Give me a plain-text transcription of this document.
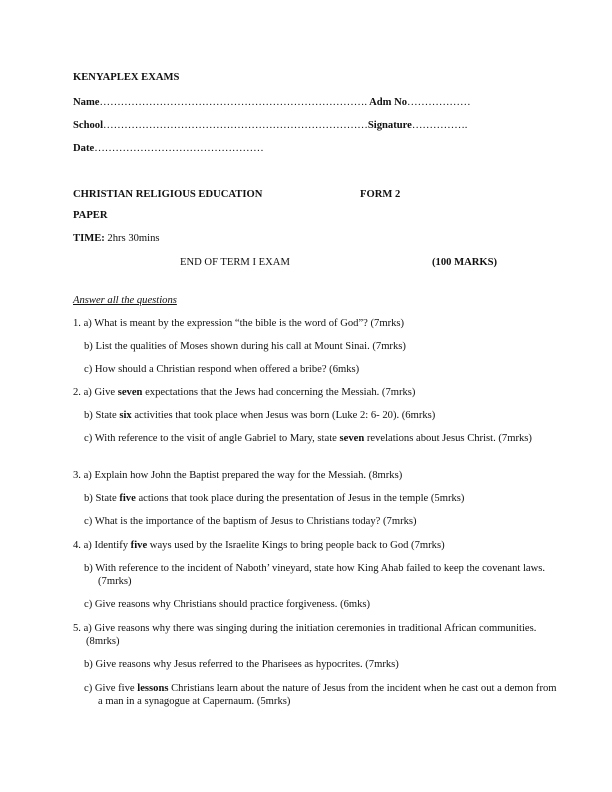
KENYAPLEX EXAMS
Name…………………………………………………………………. Adm No………………
School…………………………………………………………………Signature…………….
Date…………………………………………
CHRISTIAN RELIGIOUS EDUCATION	FORM 2
PAPER
TIME: 2hrs 30mins
END OF TERM I EXAM	(100 MARKS)
Answer all the questions
1. a) What is meant by the expression “the bible is the word of God”? (7mrks)
b) List the qualities of Moses shown during his call at Mount Sinai. (7mrks)
c) How should a Christian respond when offered a bribe? (6mks)
2. a) Give seven expectations that the Jews had concerning the Messiah. (7mrks)
b) State six activities that took place when Jesus was born (Luke 2: 6- 20). (6mrks)
c) With reference to the visit of angle Gabriel to Mary, state seven revelations about Jesus Christ. (7mrks)
3. a) Explain how John the Baptist prepared the way for the Messiah. (8mrks)
b) State five actions that took place during the presentation of Jesus in the temple (5mrks)
c) What is the importance of the baptism of Jesus to Christians today? (7mrks)
4. a) Identify five ways used by the Israelite Kings to bring people back to God (7mrks)
b) With reference to the incident of Naboth’ vineyard, state how King Ahab failed to keep the covenant laws. (7mrks)
c) Give reasons why Christians should practice forgiveness. (6mks)
5. a) Give reasons why there was singing during the initiation ceremonies in traditional African communities. (8mrks)
b) Give reasons why Jesus referred to the Pharisees as hypocrites. (7mrks)
c) Give five lessons Christians learn about the nature of Jesus from the incident when he cast out a demon from a man in a synagogue at Capernaum. (5mrks)
